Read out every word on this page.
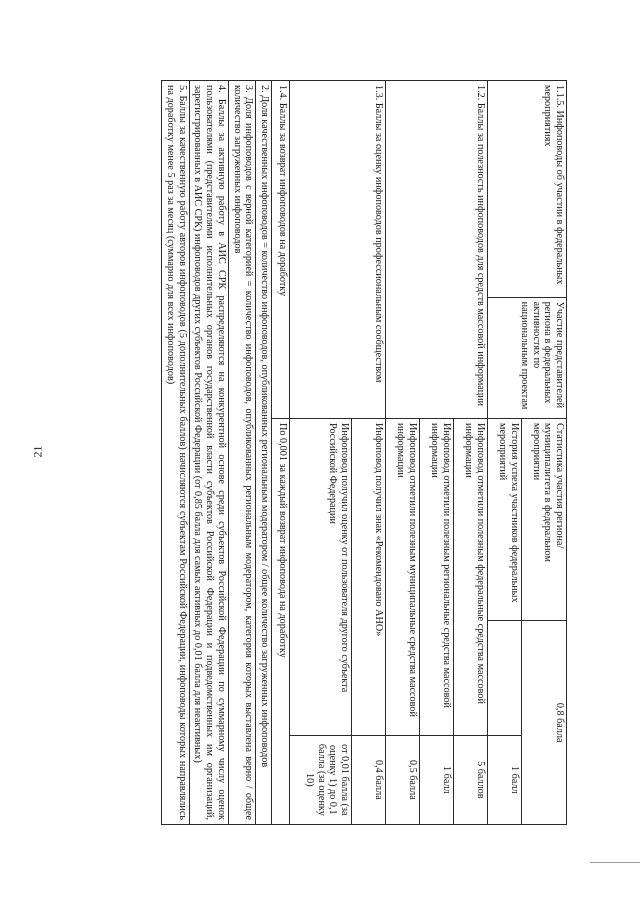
21
1.1.5. Инфоповоды об участии в федеральных мероприятиях	Участие представителей региона в федеральных активностях по национальным проектам	Статистика участия региона/ муниципалитета в федеральном мероприятии	0,8 балла	
		История успеха участников федеральных мероприятий		1 балл
1.2. Баллы за полезность инфоповодов для средств массовой информации		Инфоповод отметили полезным федеральные средства массовой информации		5 баллов
		Инфоповод отметили полезным региональные средства массовой информации		1 балл
		Инфоповод отметили полезным муниципальные средства массовой информации		0,5 балла
1.3. Баллы за оценку инфоповодов профессиональным сообществом		Инфоповод получил знак «Рекомендовано АНО»		0,4 балла
		Инфоповод получил оценку от пользователя другого субъекта Российской Федерации		от 0,01 балла (за оценку 1) до 0,1 балла (за оценку 10)
1.4. Баллы за возврат инфоповодов на доработку		По 0,001 за каждый возврат инфоповода на доработку		
2. Доля качественных инфоповодов = количество инфоповодов, опубликованных региональным модератором / общее количество загруженных инфоповодов				
3. Доля инфоповодов с верной категорией = количество инфоповодов, опубликованных региональным модератором, категория которых выставлена верно / общее количество загруженных инфоповодов				
4. Баллы за активную работу в АИС СРК распределяются на конкурентной основе среди субъектов Российской Федерации по суммарному числу оценок пользователями (представителями исполнительных органов государственной власти субъектов Российской Федерации и подведомственных им организаций, зарегистрированных в АИС СРК) инфоповодов других субъектов Российской Федерации (от 0,85 балла для самых активных до 0,01 балла для неактивных)				
5. Баллы за качественную работу авторов инфоповодов (5 дополнительных баллов) начисляются субъектам Российской Федерации, инфоповоды которых направлялись на доработку менее 5 раз за месяц (суммарно для всех инфоповодов)				
